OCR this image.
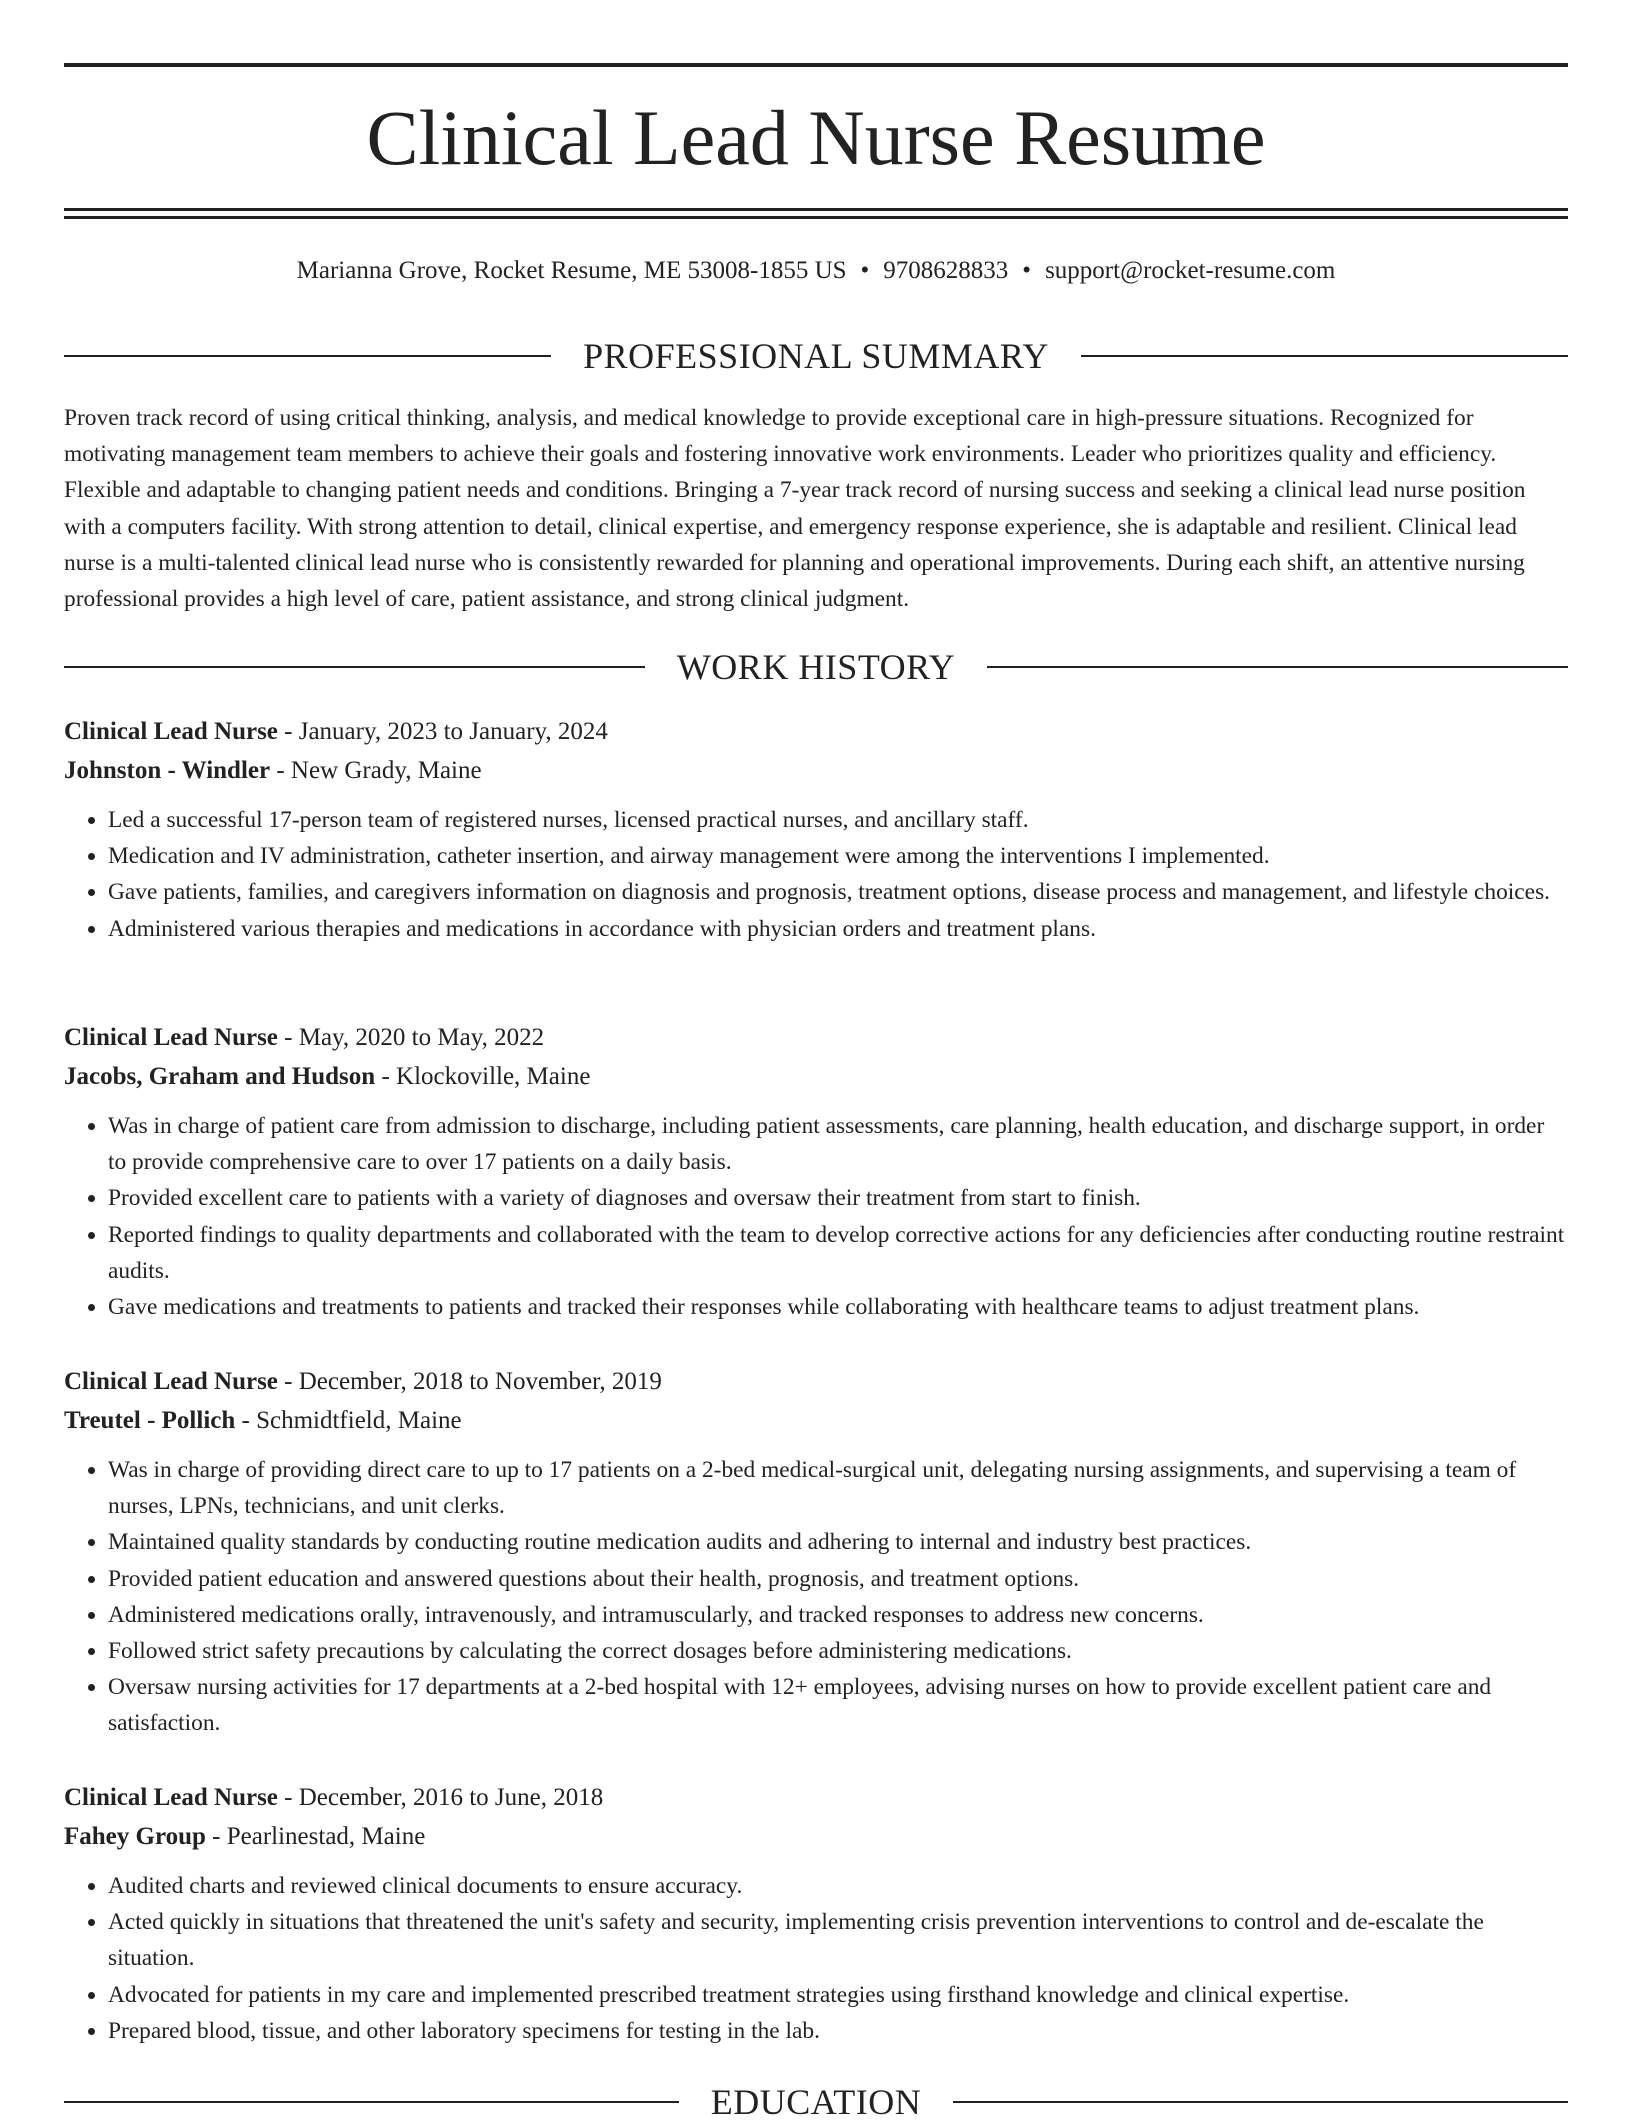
Clinical Lead Nurse Resume
Marianna Grove, Rocket Resume, ME 53008-1855 US • 9708628833 • support@rocket-resume.com
PROFESSIONAL SUMMARY

Proven track record of using critical thinking, analysis, and medical knowledge to provide exceptional care in high-pressure situations. Recognized for motivating management team members to achieve their goals and fostering innovative work environments. Leader who prioritizes quality and efficiency. Flexible and adaptable to changing patient needs and conditions. Bringing a 7-year track record of nursing success and seeking a clinical lead nurse position with a computers facility. With strong attention to detail, clinical expertise, and emergency response experience, she is adaptable and resilient. Clinical lead nurse is a multi-talented clinical lead nurse who is consistently rewarded for planning and operational improvements. During each shift, an attentive nursing professional provides a high level of care, patient assistance, and strong clinical judgment.

WORK HISTORY
Clinical Lead Nurse - January, 2023 to January, 2024
Johnston - Windler - New Grady, Maine
• Led a successful 17-person team of registered nurses, licensed practical nurses, and ancillary staff.
• Medication and IV administration, catheter insertion, and airway management were among the interventions I implemented.
• Gave patients, families, and caregivers information on diagnosis and prognosis, treatment options, disease process and management, and lifestyle choices.
• Administered various therapies and medications in accordance with physician orders and treatment plans.
Clinical Lead Nurse - May, 2020 to May, 2022
Jacobs, Graham and Hudson - Klockoville, Maine
• Was in charge of patient care from admission to discharge, including patient assessments, care planning, health education, and discharge support, in order to provide comprehensive care to over 17 patients on a daily basis.
• Provided excellent care to patients with a variety of diagnoses and oversaw their treatment from start to finish.
• Reported findings to quality departments and collaborated with the team to develop corrective actions for any deficiencies after conducting routine restraint audits.
• Gave medications and treatments to patients and tracked their responses while collaborating with healthcare teams to adjust treatment plans.
Clinical Lead Nurse - December, 2018 to November, 2019
Treutel - Pollich - Schmidtfield, Maine
• Was in charge of providing direct care to up to 17 patients on a 2-bed medical-surgical unit, delegating nursing assignments, and supervising a team of nurses, LPNs, technicians, and unit clerks.
• Maintained quality standards by conducting routine medication audits and adhering to internal and industry best practices.
• Provided patient education and answered questions about their health, prognosis, and treatment options.
• Administered medications orally, intravenously, and intramuscularly, and tracked responses to address new concerns.
• Followed strict safety precautions by calculating the correct dosages before administering medications.
• Oversaw nursing activities for 17 departments at a 2-bed hospital with 12+ employees, advising nurses on how to provide excellent patient care and satisfaction.
Clinical Lead Nurse - December, 2016 to June, 2018
Fahey Group - Pearlinestad, Maine
• Audited charts and reviewed clinical documents to ensure accuracy.
• Acted quickly in situations that threatened the unit's safety and security, implementing crisis prevention interventions to control and de-escalate the situation.
• Advocated for patients in my care and implemented prescribed treatment strategies using firsthand knowledge and clinical expertise.
• Prepared blood, tissue, and other laboratory specimens for testing in the lab.
EDUCATION
